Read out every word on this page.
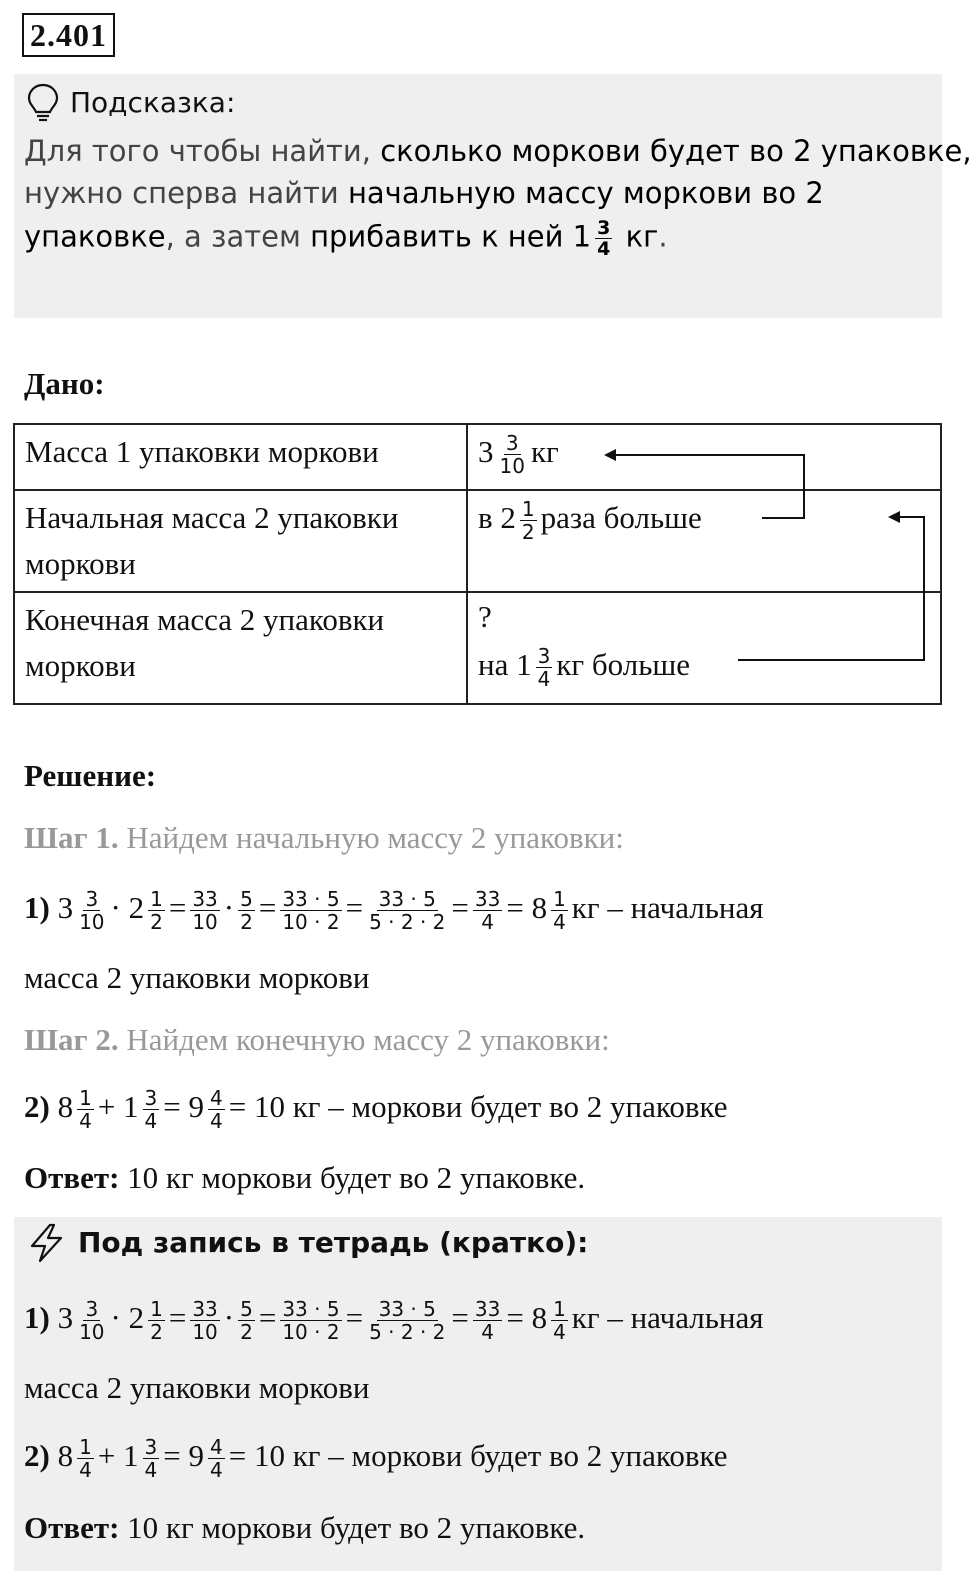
2.401
Подсказка:
Для того чтобы найти, сколько моркови будет во 2 упаковке,
нужно сперва найти начальную массу моркови во 2
упаковке, а затем прибавить к ней $1 \frac{3}{4}$ кг.
Дано:
Масса 1 упаковки моркови	$3 \frac{3}{10}$ кг
Начальная масса 2 упаковки моркови	в $2 \frac{1}{2}$ раза больше
Конечная масса 2 упаковки моркови	?
на $1 \frac{3}{4}$ кг больше
Решение:
Шаг 1. Найдем начальную массу 2 упаковки:
1) $3 \frac{3}{10} \cdot 2 \frac{1}{2} = \frac{33}{10} \cdot \frac{5}{2} = \frac{33 \cdot 5}{10 \cdot 2} = \frac{33 \cdot 5}{5 \cdot 2 \cdot 2} = \frac{33}{4} = 8 \frac{1}{4}$ кг – начальная
масса 2 упаковки моркови
Шаг 2. Найдем конечную массу 2 упаковки:
2) $8 \frac{1}{4} + 1 \frac{3}{4} = 9 \frac{4}{4} = 10$ кг – моркови будет во 2 упаковке
Ответ: 10 кг моркови будет во 2 упаковке.
Под запись в тетрадь (кратко):
1) $3 \frac{3}{10} \cdot 2 \frac{1}{2} = \frac{33}{10} \cdot \frac{5}{2} = \frac{33 \cdot 5}{10 \cdot 2} = \frac{33 \cdot 5}{5 \cdot 2 \cdot 2} = \frac{33}{4} = 8 \frac{1}{4}$ кг – начальная
масса 2 упаковки моркови
2) $8 \frac{1}{4} + 1 \frac{3}{4} = 9 \frac{4}{4} = 10$ кг – моркови будет во 2 упаковке
Ответ: 10 кг моркови будет во 2 упаковке.
